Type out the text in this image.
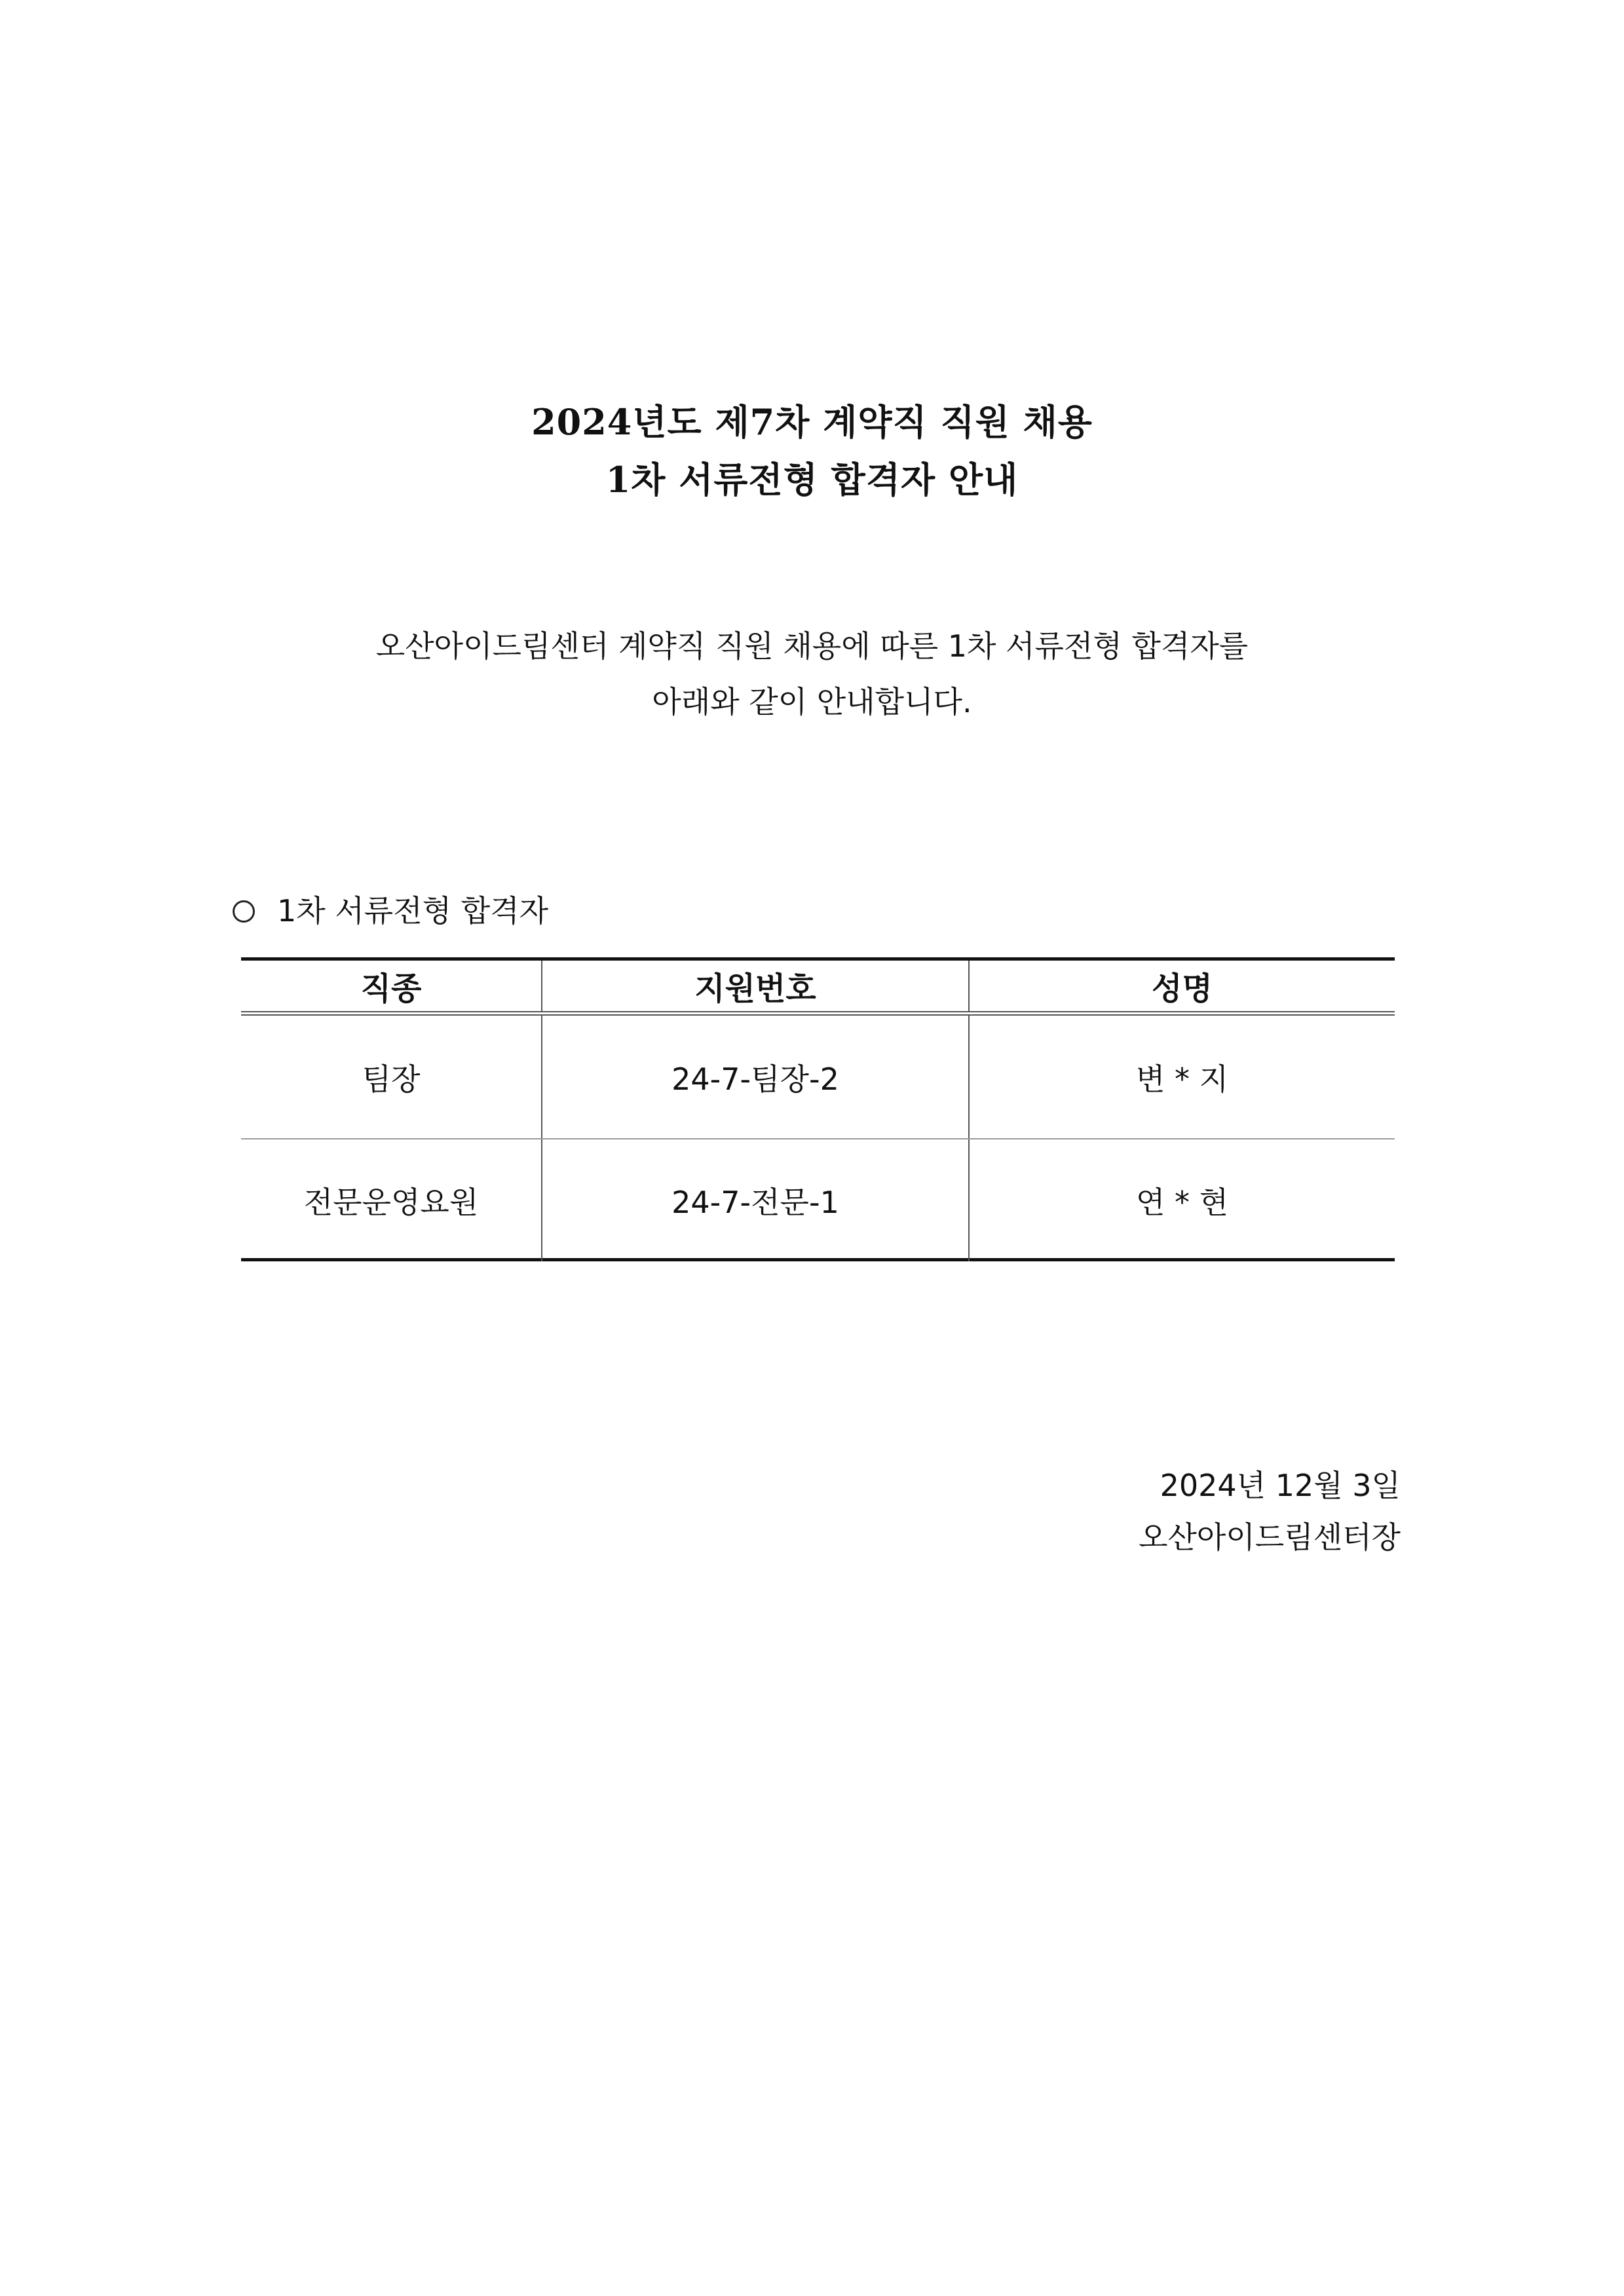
2024년도 제7차 계약직 직원 채용
1차 서류전형 합격자 안내
오산아이드림센터 계약직 직원 채용에 따른 1차 서류전형 합격자를
아래와 같이 안내합니다.
1차 서류전형 합격자
직종	지원번호	성명
팀장	24-7-팀장-2	변 * 지
전문운영요원	24-7-전문-1	연 * 현
2024년 12월 3일
오산아이드림센터장
